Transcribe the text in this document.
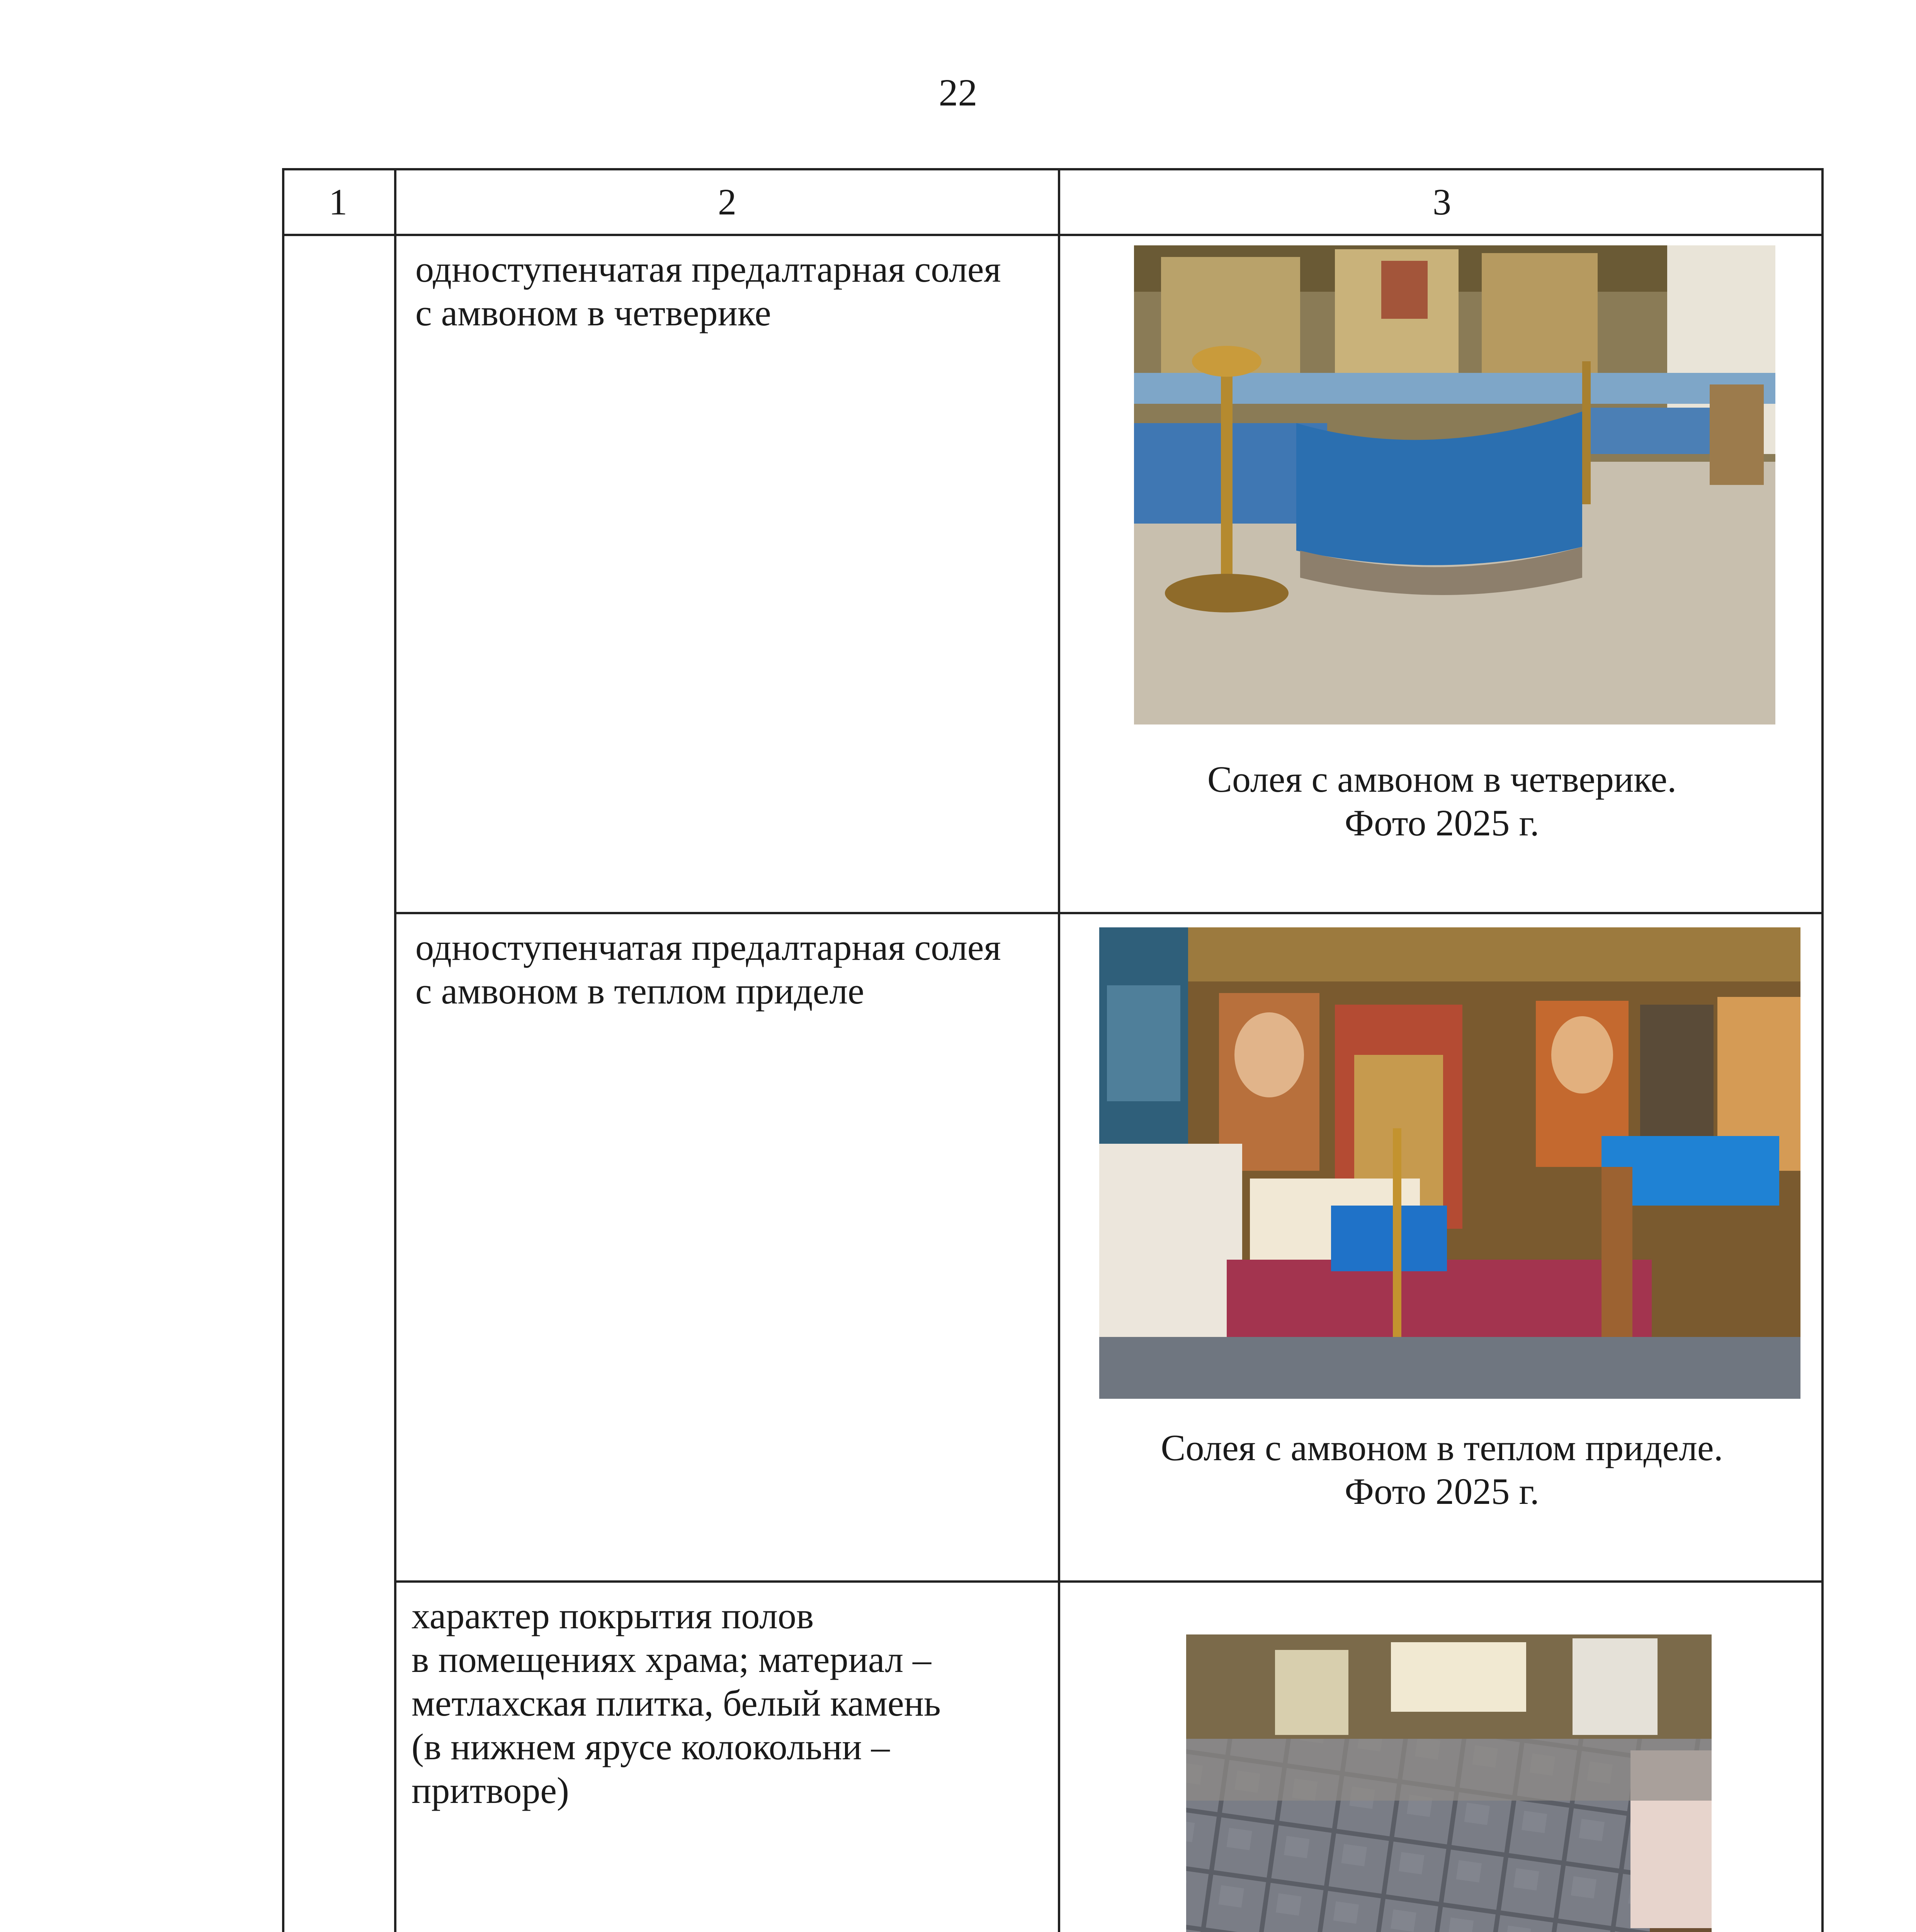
22
1	2	3
одноступенчатая предалтарная солея
с амвоном в четверике
Солея с амвоном в четверике.
Фото 2025 г.
одноступенчатая предалтарная солея
с амвоном в теплом приделе
Солея с амвоном в теплом приделе.
Фото 2025 г.
характер покрытия полов
в помещениях храма; материал –
метлахская плитка, белый камень
(в нижнем ярусе колокольни –
притворе)
